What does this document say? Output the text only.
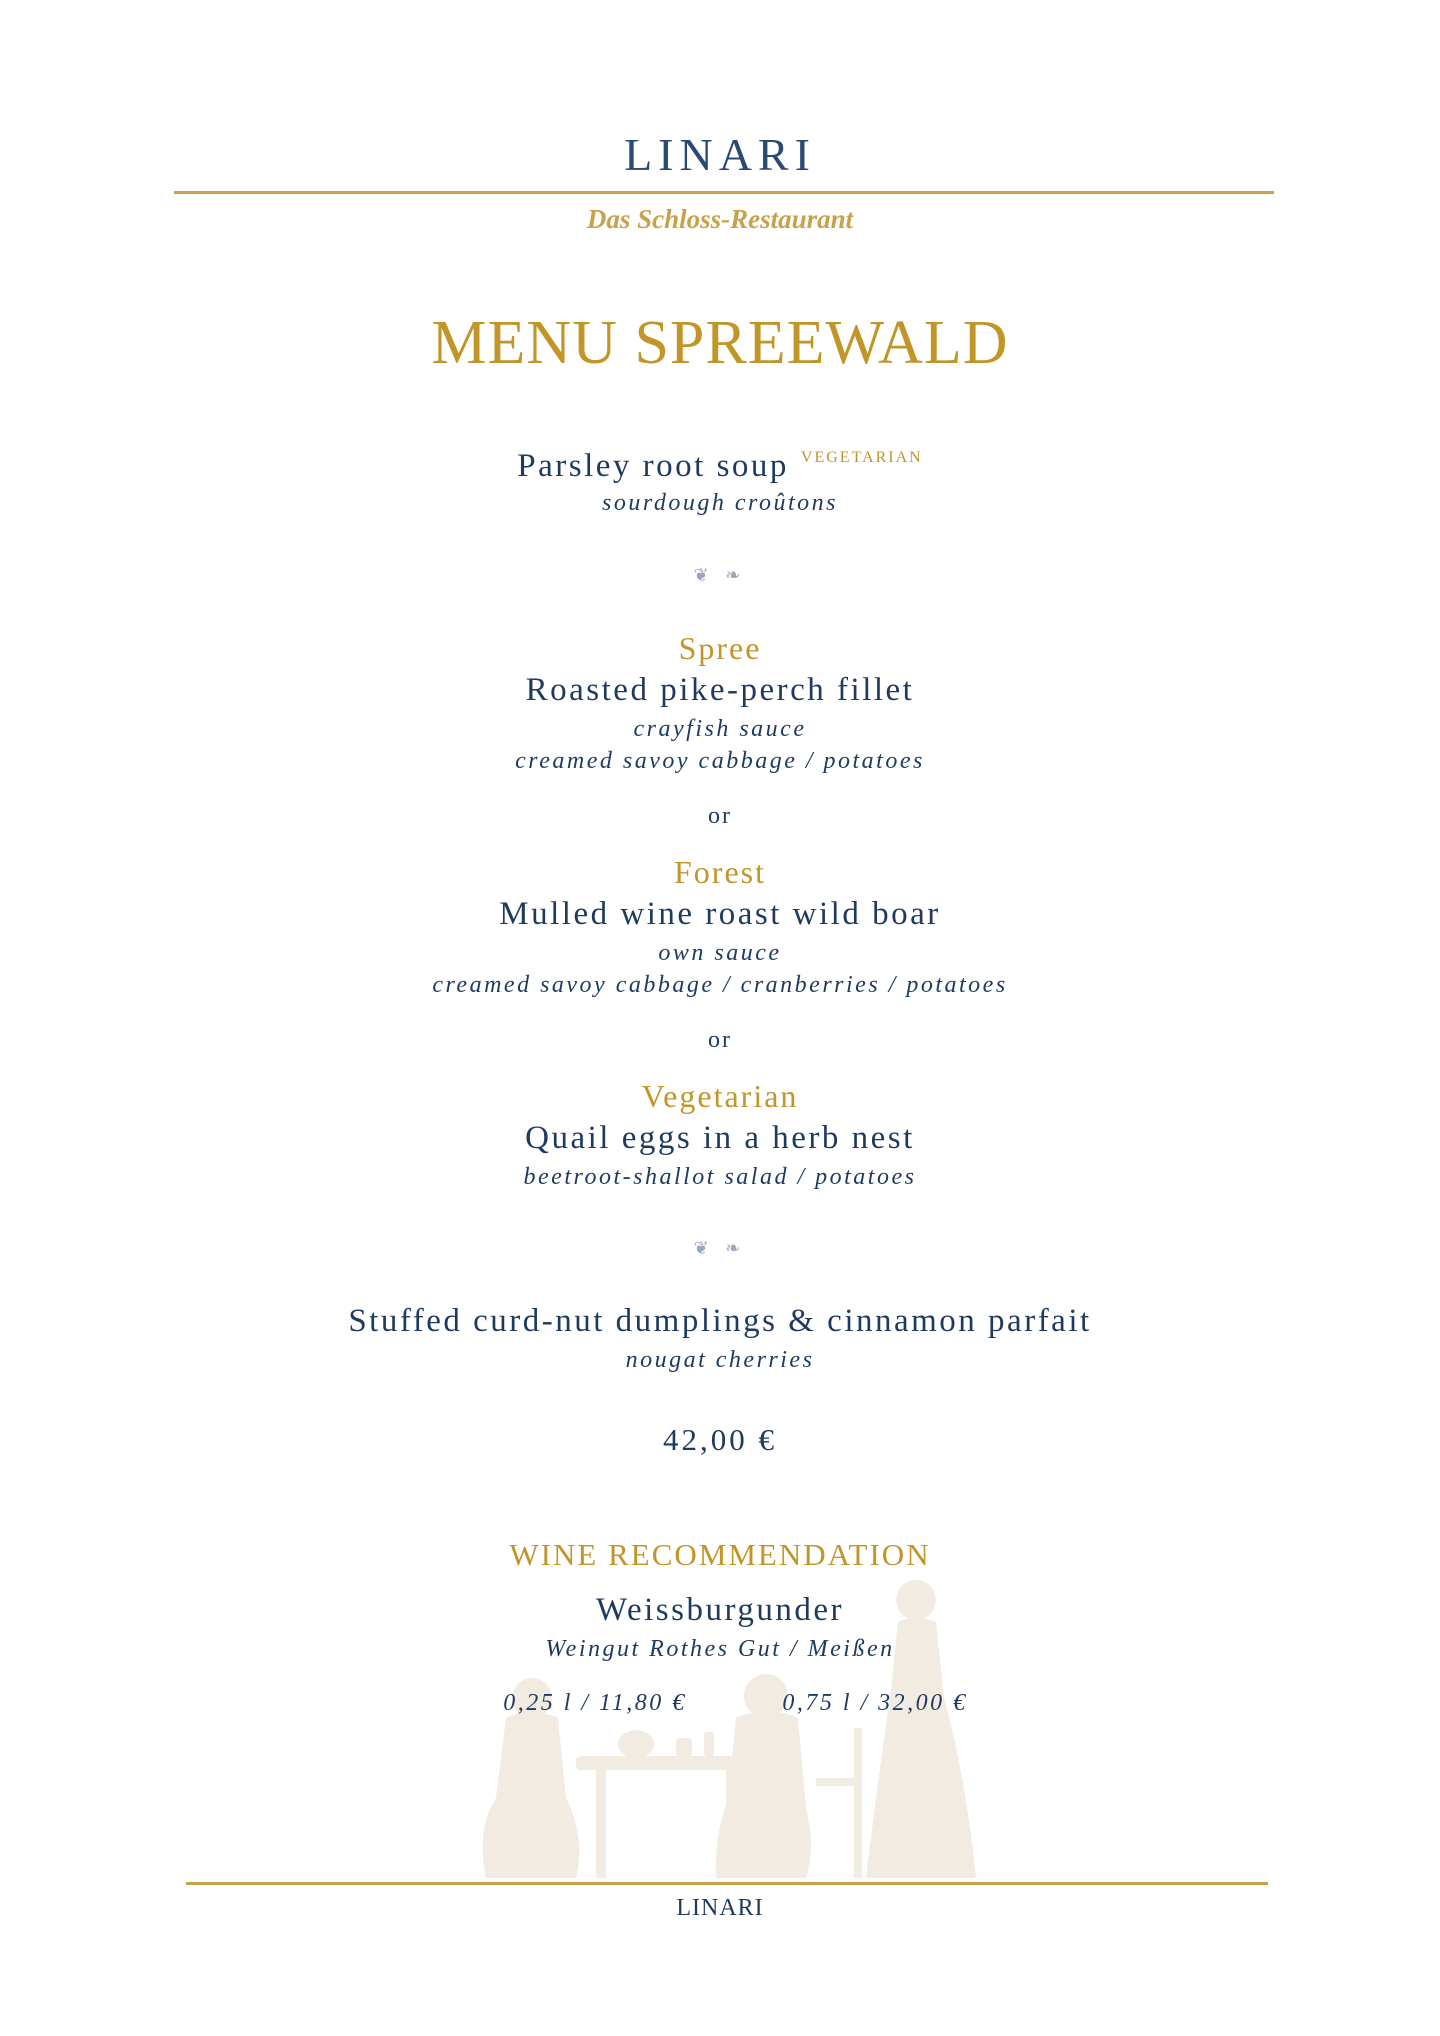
LINARI
Das Schloss-Restaurant
MENU SPREEWALD
Parsley root soup VEGETARIAN
sourdough croûtons
❦ ❧
Spree
Roasted pike-perch fillet
crayfish sauce
creamed savoy cabbage / potatoes
or
Forest
Mulled wine roast wild boar
own sauce
creamed savoy cabbage / cranberries / potatoes
or
Vegetarian
Quail eggs in a herb nest
beetroot-shallot salad / potatoes
❦ ❧
Stuffed curd-nut dumplings & cinnamon parfait
nougat cherries
42,00 €
WINE RECOMMENDATION
Weissburgunder
Weingut Rothes Gut / Meißen
0,25 l / 11,80 €	0,75 l / 32,00 €
LINARI
